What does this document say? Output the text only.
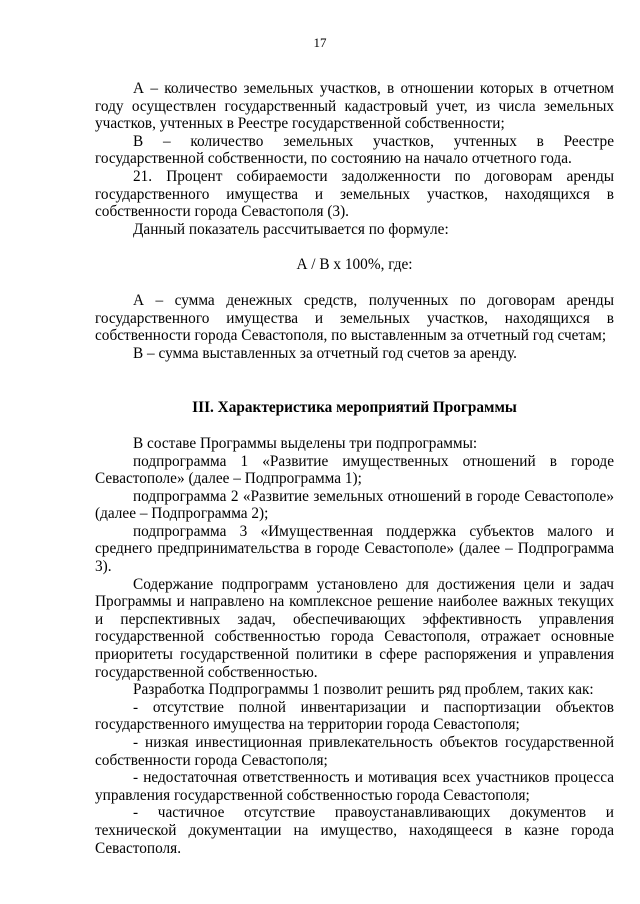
17

А – количество земельных участков, в отношении которых в отчетном году осуществлен государственный кадастровый учет, из числа земельных участков, учтенных в Реестре государственной собственности;

В – количество земельных участков, учтенных в Реестре государственной собственности, по состоянию на начало отчетного года.

21. Процент собираемости задолженности по договорам аренды государственного имущества и земельных участков, находящихся в собственности города Севастополя (3).

Данный показатель рассчитывается по формуле:

А / В х 100%, где:

А – сумма денежных средств, полученных по договорам аренды государственного имущества и земельных участков, находящихся в собственности города Севастополя, по выставленным за отчетный год счетам;

В – сумма выставленных за отчетный год счетов за аренду.

III. Характеристика мероприятий Программы

В составе Программы выделены три подпрограммы:

подпрограмма 1 «Развитие имущественных отношений в городе Севастополе» (далее – Подпрограмма 1);

подпрограмма 2 «Развитие земельных отношений в городе Севастополе» (далее – Подпрограмма 2);

подпрограмма 3 «Имущественная поддержка субъектов малого и среднего предпринимательства в городе Севастополе» (далее – Подпрограмма 3).

Содержание подпрограмм установлено для достижения цели и задач Программы и направлено на комплексное решение наиболее важных текущих и перспективных задач, обеспечивающих эффективность управления государственной собственностью города Севастополя, отражает основные приоритеты государственной политики в сфере распоряжения и управления государственной собственностью.

Разработка Подпрограммы 1 позволит решить ряд проблем, таких как:

- отсутствие полной инвентаризации и паспортизации объектов государственного имущества на территории города Севастополя;

- низкая инвестиционная привлекательность объектов государственной собственности города Севастополя;

- недостаточная ответственность и мотивация всех участников процесса управления государственной собственностью города Севастополя;

- частичное отсутствие правоустанавливающих документов и технической документации на имущество, находящееся в казне города Севастополя.
